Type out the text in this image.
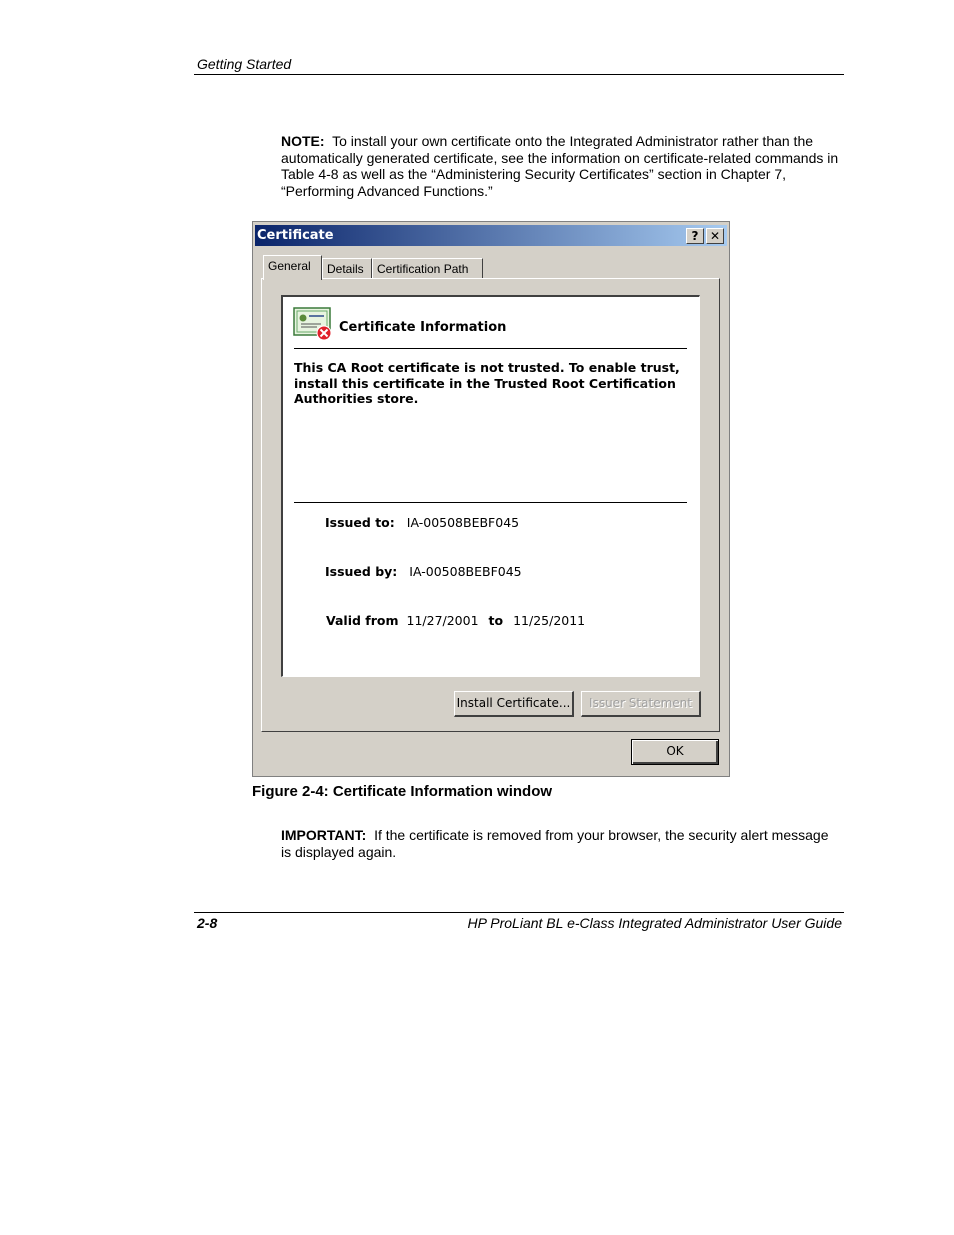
Getting Started
NOTE: To install your own certificate onto the Integrated Administrator rather than the
automatically generated certificate, see the information on certificate-related commands in
Table 4-8 as well as the “Administering Security Certificates” section in Chapter 7,
“Performing Advanced Functions.”
Certificate	? ✕
General	Details	Certification Path
Certificate Information
This CA Root certificate is not trusted. To enable trust,
install this certificate in the Trusted Root Certification
Authorities store.
Issued to: IA-00508BEBF045
Issued by: IA-00508BEBF045
Valid from 11/27/2001 to 11/25/2011
Install Certificate...	Issuer Statement
OK
Figure 2-4: Certificate Information window
IMPORTANT: If the certificate is removed from your browser, the security alert message
is displayed again.
2-8	HP ProLiant BL e-Class Integrated Administrator User Guide
